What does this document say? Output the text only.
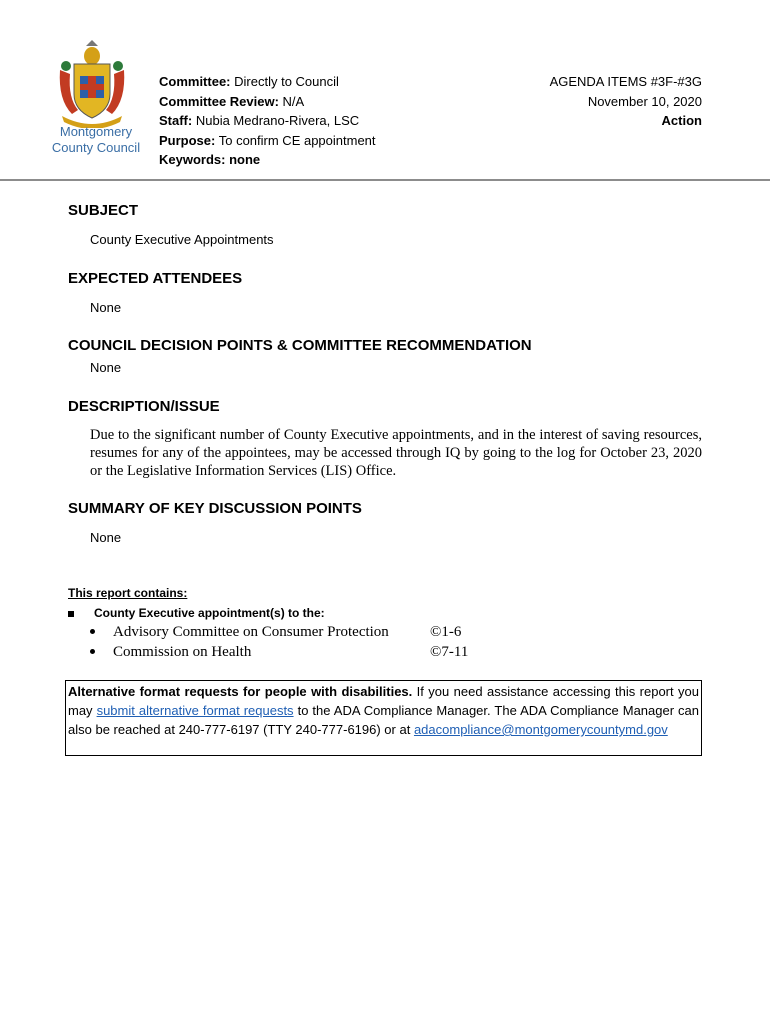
Montgomery
County Council
Committee: Directly to Council
Committee Review: N/A
Staff: Nubia Medrano-Rivera, LSC
Purpose: To confirm CE appointment
Keywords: none
AGENDA ITEMS #3F-#3G
November 10, 2020
Action
SUBJECT
County Executive Appointments
EXPECTED ATTENDEES
None
COUNCIL DECISION POINTS & COMMITTEE RECOMMENDATION
None
DESCRIPTION/ISSUE
Due to the significant number of County Executive appointments, and in the interest of saving resources, resumes for any of the appointees, may be accessed through IQ by going to the log for October 23, 2020 or the Legislative Information Services (LIS) Office.
SUMMARY OF KEY DISCUSSION POINTS
None
This report contains:
County Executive appointment(s) to the:
Advisory Committee on Consumer Protection	©1-6
Commission on Health	©7-11
Alternative format requests for people with disabilities. If you need assistance accessing this report you may submit alternative format requests to the ADA Compliance Manager. The ADA Compliance Manager can also be reached at 240-777-6197 (TTY 240-777-6196) or at adacompliance@montgomerycountymd.gov
